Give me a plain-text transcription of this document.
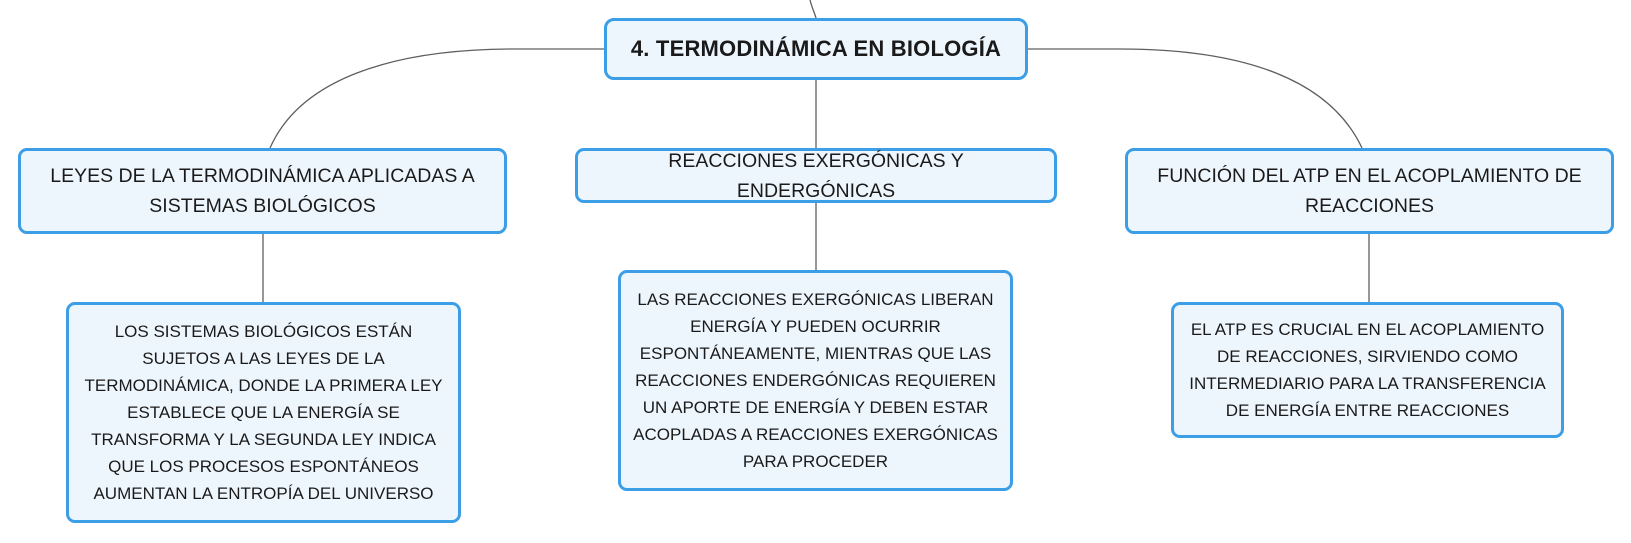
4. TERMODINÁMICA EN BIOLOGÍA
LEYES DE LA TERMODINÁMICA APLICADAS A SISTEMAS BIOLÓGICOS
REACCIONES EXERGÓNICAS Y ENDERGÓNICAS
FUNCIÓN DEL ATP EN EL ACOPLAMIENTO DE REACCIONES
LOS SISTEMAS BIOLÓGICOS ESTÁN SUJETOS A LAS LEYES DE LA TERMODINÁMICA, DONDE LA PRIMERA LEY ESTABLECE QUE LA ENERGÍA SE TRANSFORMA Y LA SEGUNDA LEY INDICA QUE LOS PROCESOS ESPONTÁNEOS AUMENTAN LA ENTROPÍA DEL UNIVERSO
LAS REACCIONES EXERGÓNICAS LIBERAN ENERGÍA Y PUEDEN OCURRIR ESPONTÁNEAMENTE, MIENTRAS QUE LAS REACCIONES ENDERGÓNICAS REQUIEREN UN APORTE DE ENERGÍA Y DEBEN ESTAR ACOPLADAS A REACCIONES EXERGÓNICAS PARA PROCEDER
EL ATP ES CRUCIAL EN EL ACOPLAMIENTO DE REACCIONES, SIRVIENDO COMO INTERMEDIARIO PARA LA TRANSFERENCIA DE ENERGÍA ENTRE REACCIONES
